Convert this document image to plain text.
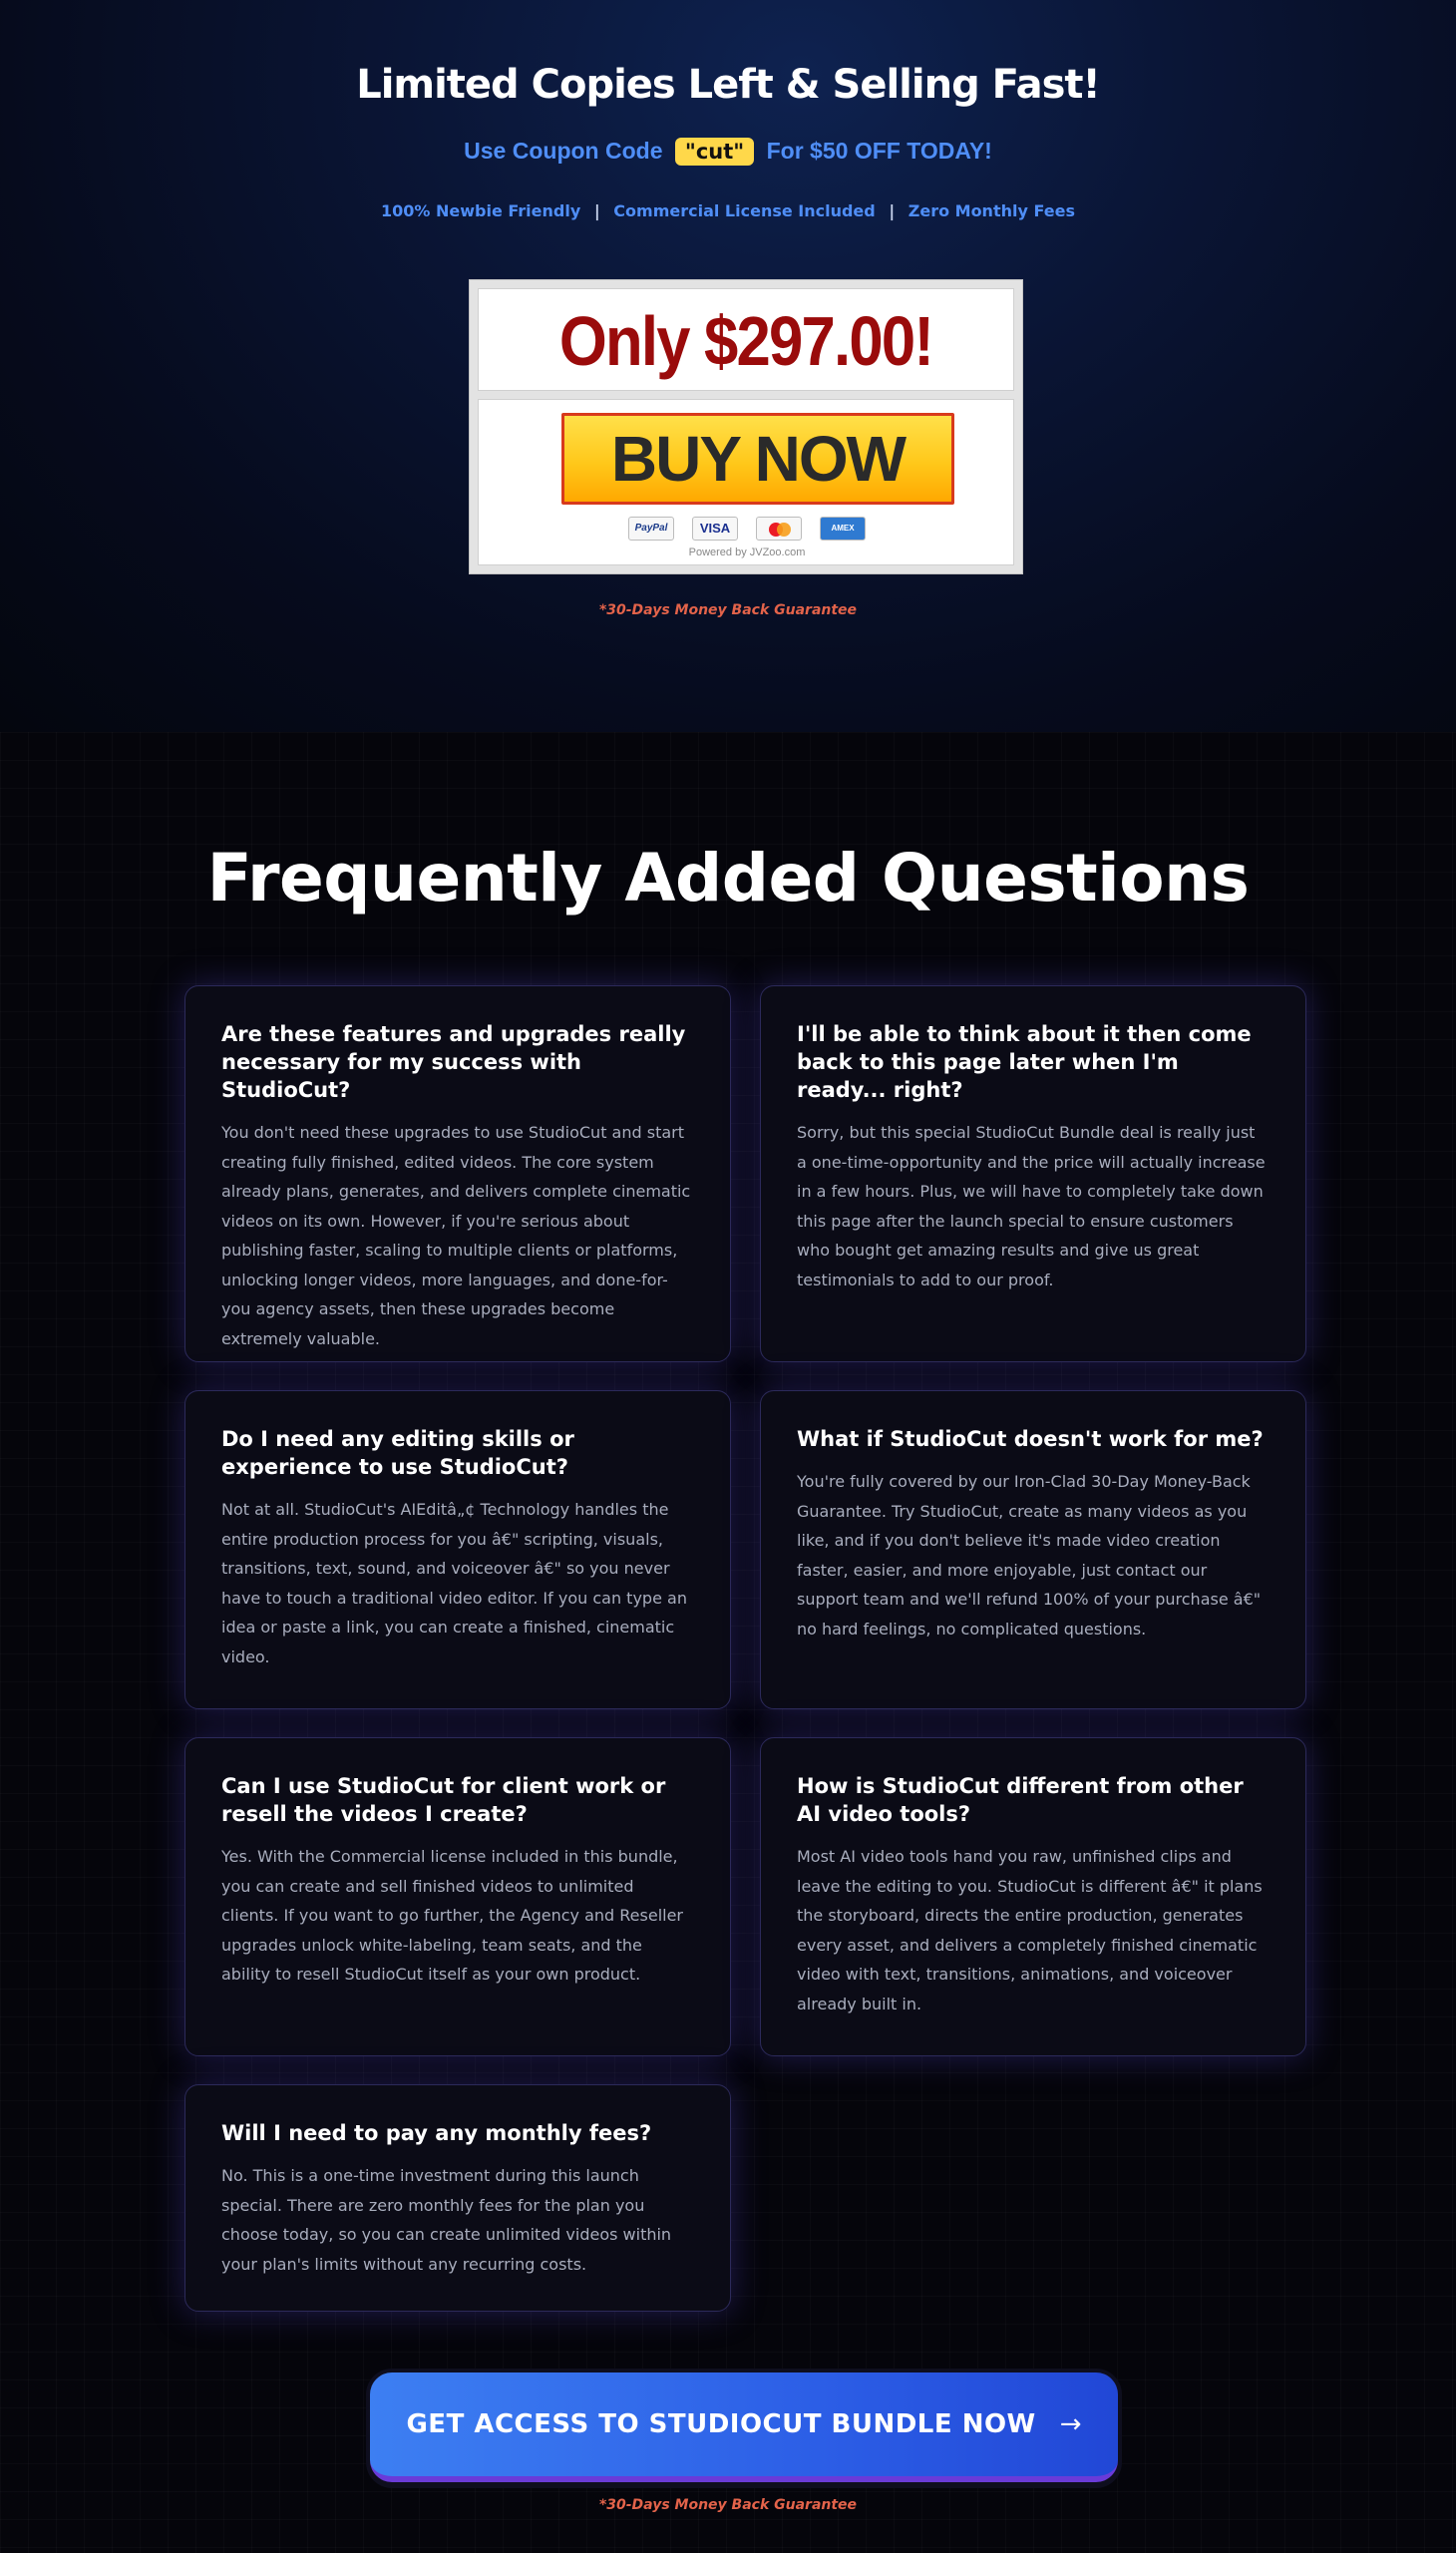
Limited Copies Left & Selling Fast!
Use Coupon Code "cut" For $50 OFF TODAY!
100% Newbie Friendly | Commercial License Included | Zero Monthly Fees
Only $297.00!
BUY NOW
PayPal VISA	AMEX
Powered by JVZoo.com
*30-Days Money Back Guarantee
Frequently Added Questions
Are these features and upgrades really necessary for my success with StudioCut?

You don't need these upgrades to use StudioCut and start creating fully finished, edited videos. The core system already plans, generates, and delivers complete cinematic videos on its own. However, if you're serious about publishing faster, scaling to multiple clients or platforms, unlocking longer videos, more languages, and done-for-you agency assets, then these upgrades become extremely valuable.

I'll be able to think about it then come back to this page later when I'm ready... right?

Sorry, but this special StudioCut Bundle deal is really just a one-time-opportunity and the price will actually increase in a few hours. Plus, we will have to completely take down this page after the launch special to ensure customers who bought get amazing results and give us great testimonials to add to our proof.

Do I need any editing skills or experience to use StudioCut?

Not at all. StudioCut's AIEditâ„¢ Technology handles the entire production process for you â€" scripting, visuals, transitions, text, sound, and voiceover â€" so you never have to touch a traditional video editor. If you can type an idea or paste a link, you can create a finished, cinematic video.

What if StudioCut doesn't work for me?

You're fully covered by our Iron-Clad 30-Day Money-Back Guarantee. Try StudioCut, create as many videos as you like, and if you don't believe it's made video creation faster, easier, and more enjoyable, just contact our support team and we'll refund 100% of your purchase â€" no hard feelings, no complicated questions.

Can I use StudioCut for client work or resell the videos I create?

Yes. With the Commercial license included in this bundle, you can create and sell finished videos to unlimited clients. If you want to go further, the Agency and Reseller upgrades unlock white-labeling, team seats, and the ability to resell StudioCut itself as your own product.

How is StudioCut different from other AI video tools?

Most AI video tools hand you raw, unfinished clips and leave the editing to you. StudioCut is different â€" it plans the storyboard, directs the entire production, generates every asset, and delivers a completely finished cinematic video with text, transitions, animations, and voiceover already built in.

Will I need to pay any monthly fees?

No. This is a one-time investment during this launch special. There are zero monthly fees for the plan you choose today, so you can create unlimited videos within your plan's limits without any recurring costs.

GET ACCESS TO STUDIOCUT BUNDLE NOW →
*30-Days Money Back Guarantee
